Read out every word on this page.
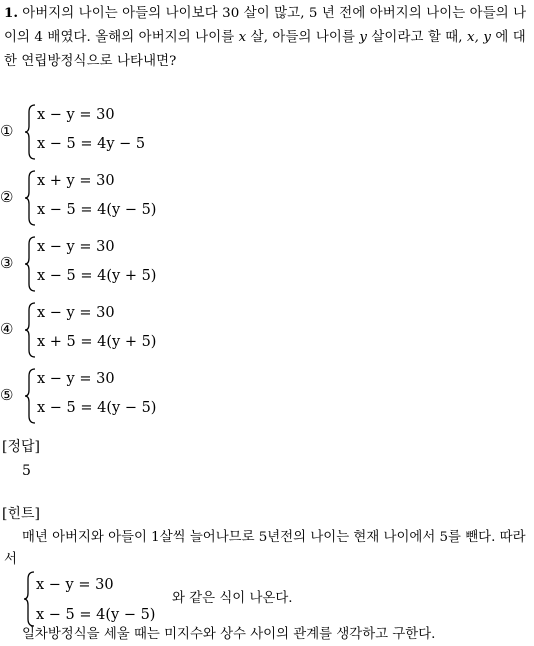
1. 아버지의 나이는 아들의 나이보다 30 살이 많고, 5 년 전에 아버지의 나이는 아들의 나이의 4 배였다. 올해의 아버지의 나이를 x 살, 아들의 나이를 y 살이라고 할 때, x, y 에 대한 연립방정식으로 나타내면?
①
x − y = 30
x − 5 = 4y − 5
②
x + y = 30
x − 5 = 4(y − 5)
③
x − y = 30
x − 5 = 4(y + 5)
④
x − y = 30
x + 5 = 4(y + 5)
⑤
x − y = 30
x − 5 = 4(y − 5)
[정답]
5
[힌트]
매년 아버지와 아들이 1살씩 늘어나므로 5년전의 나이는 현재 나이에서 5를 뺀다. 따라서
x − y = 30
x − 5 = 4(y − 5)
와 같은 식이 나온다.
일차방정식을 세울 때는 미지수와 상수 사이의 관계를 생각하고 구한다.
